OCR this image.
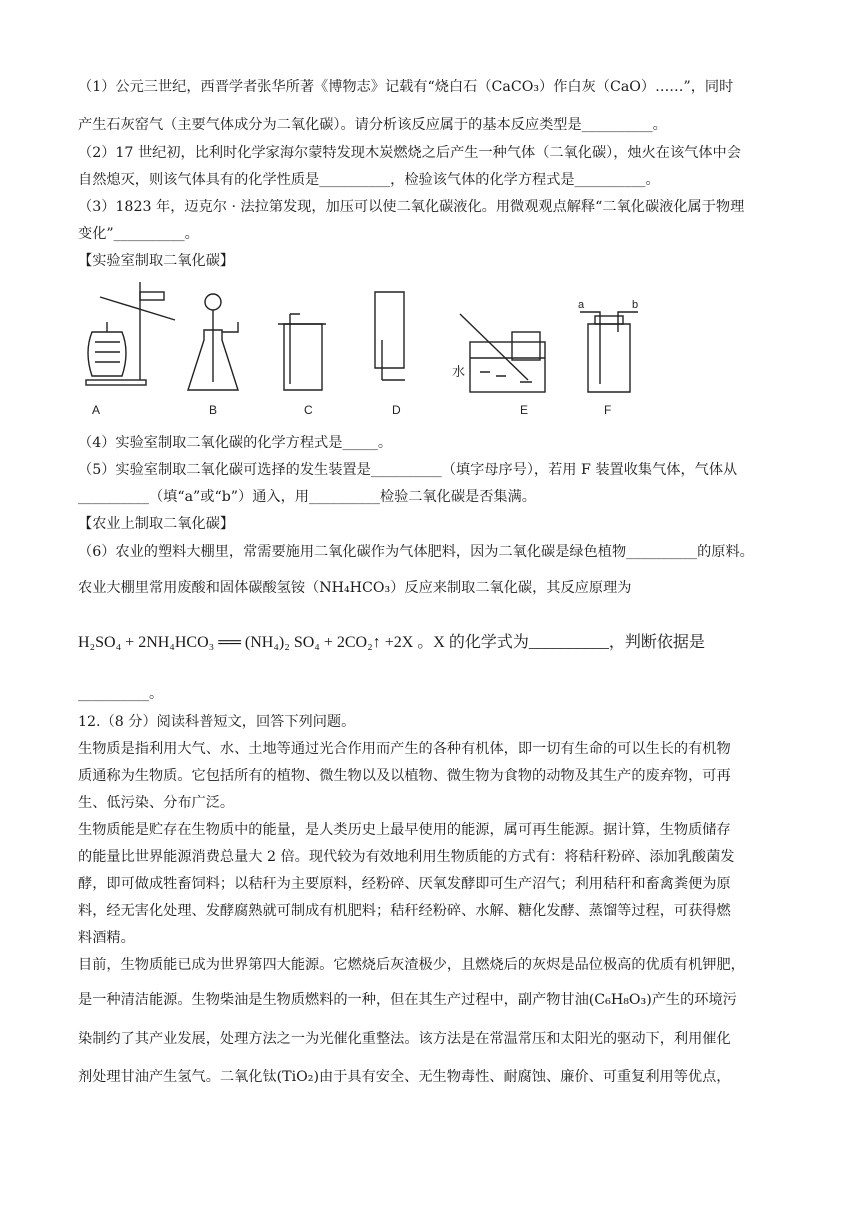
（1）公元三世纪，西晋学者张华所著《博物志》记载有“烧白石（CaCO₃）作白灰（CaO）……”，同时
产生石灰窑气（主要气体成分为二氧化碳）。请分析该反应属于的基本反应类型是__________。
（2）17 世纪初，比利时化学家海尔蒙特发现木炭燃烧之后产生一种气体（二氧化碳），烛火在该气体中会
自然熄灭，则该气体具有的化学性质是__________，检验该气体的化学方程式是__________。
（3）1823 年，迈克尔 · 法拉第发现，加压可以使二氧化碳液化。用微观观点解释“二氧化碳液化属于物理
变化”__________。
【实验室制取二氧化碳】
A	B	C	D	E	F
水
a	b
（4）实验室制取二氧化碳的化学方程式是_____。
（5）实验室制取二氧化碳可选择的发生装置是__________（填字母序号），若用 F 装置收集气体，气体从
__________（填“a”或“b”）通入，用__________检验二氧化碳是否集满。
【农业上制取二氧化碳】
（6）农业的塑料大棚里，常需要施用二氧化碳作为气体肥料，因为二氧化碳是绿色植物__________的原料。
农业大棚里常用废酸和固体碳酸氢铵（NH₄HCO₃）反应来制取二氧化碳，其反应原理为
H₂SO₄ + 2NH₄HCO₃ ══ (NH₄)₂ SO₄ + 2CO₂↑ +2X 。X 的化学式为__________，判断依据是
__________。
12.（8 分）阅读科普短文，回答下列问题。
生物质是指利用大气、水、土地等通过光合作用而产生的各种有机体，即一切有生命的可以生长的有机物
质通称为生物质。它包括所有的植物、微生物以及以植物、微生物为食物的动物及其生产的废弃物，可再
生、低污染、分布广泛。
生物质能是贮存在生物质中的能量，是人类历史上最早使用的能源，属可再生能源。据计算，生物质储存
的能量比世界能源消费总量大 2 倍。现代较为有效地利用生物质能的方式有：将秸秆粉碎、添加乳酸菌发
酵，即可做成牲畜饲料；以秸秆为主要原料，经粉碎、厌氧发酵即可生产沼气；利用秸秆和畜禽粪便为原
料，经无害化处理、发酵腐熟就可制成有机肥料；秸秆经粉碎、水解、糖化发酵、蒸馏等过程，可获得燃
料酒精。
目前，生物质能已成为世界第四大能源。它燃烧后灰渣极少，且燃烧后的灰烬是品位极高的优质有机钾肥，
是一种清洁能源。生物柴油是生物质燃料的一种，但在其生产过程中，副产物甘油(C₆H₈O₃)产生的环境污
染制约了其产业发展，处理方法之一为光催化重整法。该方法是在常温常压和太阳光的驱动下，利用催化
剂处理甘油产生氢气。二氧化钛(TiO₂)由于具有安全、无生物毒性、耐腐蚀、廉价、可重复利用等优点，
